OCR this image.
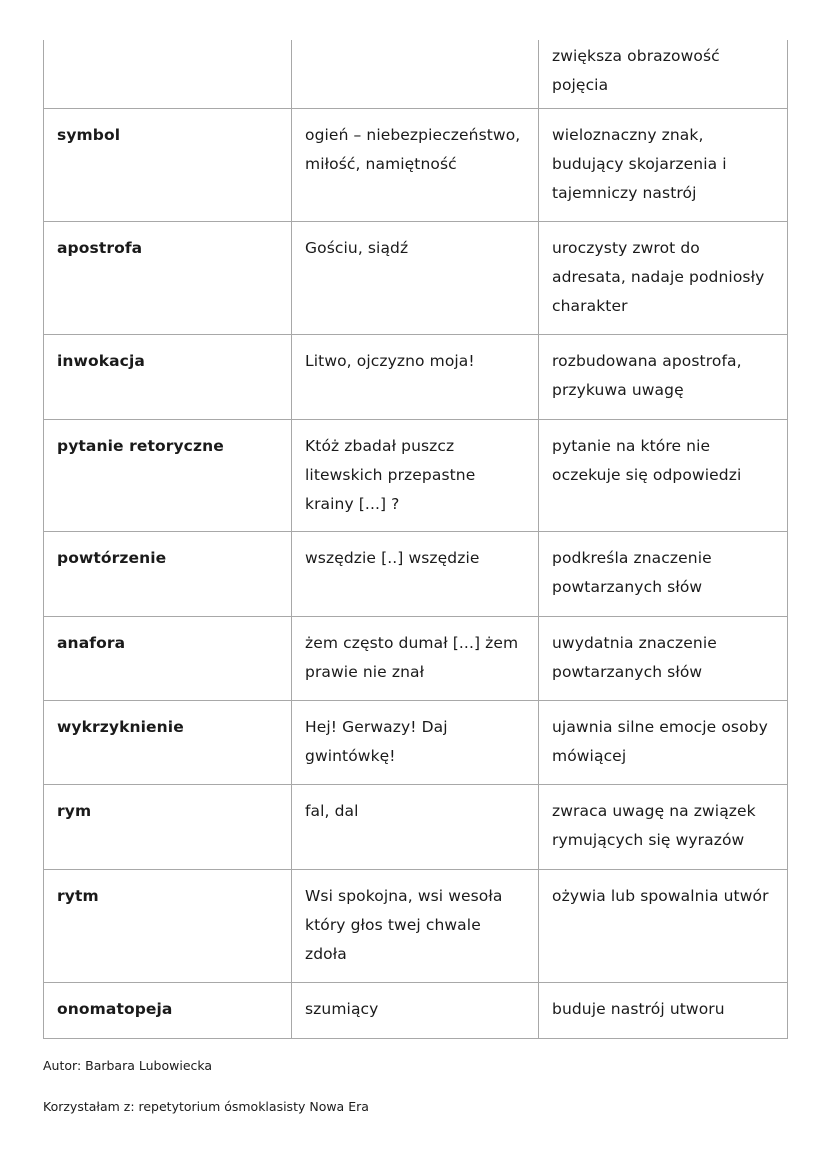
		zwiększa obrazowość pojęcia
symbol	ogień – niebezpieczeństwo, miłość, namiętność	wieloznaczny znak, budujący skojarzenia i tajemniczy nastrój
apostrofa	Gościu, siądź	uroczysty zwrot do adresata, nadaje podniosły charakter
inwokacja	Litwo, ojczyzno moja!	rozbudowana apostrofa, przykuwa uwagę
pytanie retoryczne	Któż zbadał puszcz litewskich przepastne krainy [...] ?	pytanie na które nie oczekuje się odpowiedzi
powtórzenie	wszędzie [..] wszędzie	podkreśla znaczenie powtarzanych słów
anafora	żem często dumał [...] żem prawie nie znał	uwydatnia znaczenie powtarzanych słów
wykrzyknienie	Hej! Gerwazy! Daj gwintówkę!	ujawnia silne emocje osoby mówiącej
rym	fal, dal	zwraca uwagę na związek rymujących się wyrazów
rytm	Wsi spokojna, wsi wesoła który głos twej chwale zdoła	ożywia lub spowalnia utwór
onomatopeja	szumiący	buduje nastrój utworu
Autor: Barbara Lubowiecka
Korzystałam z: repetytorium ósmoklasisty Nowa Era
